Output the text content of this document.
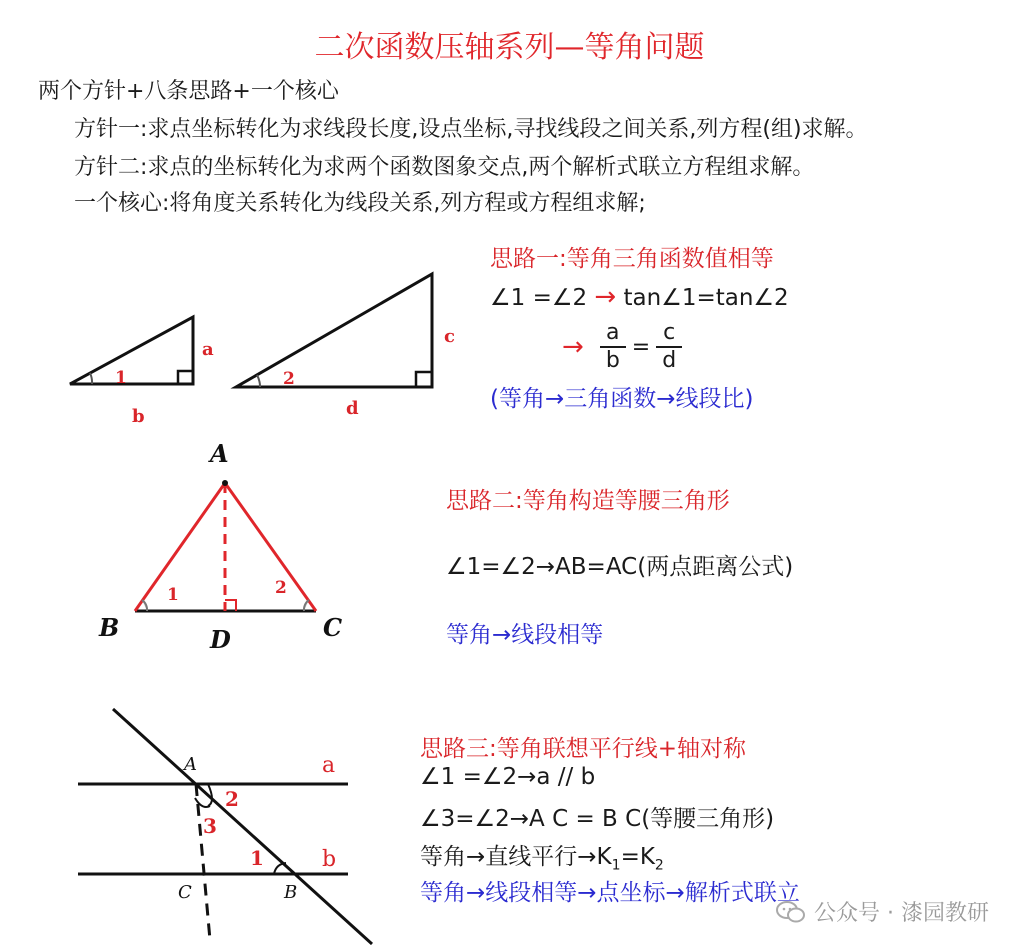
二次函数压轴系列—等角问题
两个方针+八条思路+一个核心
方针一:求点坐标转化为求线段长度,设点坐标,寻找线段之间关系,列方程(组)求解。
方针二:求点的坐标转化为求两个函数图象交点,两个解析式联立方程组求解。
一个核心:将角度关系转化为线段关系,列方程或方程组求解;
思路一:等角三角函数值相等
∠1 =∠2 → tan∠1=tan∠2
→ $\frac{a}{b} = \frac{c}{d}$
(等角→三角函数→线段比)
1
a
b
2
c
d
思路二:等角构造等腰三角形
∠1=∠2→AB=AC(两点距离公式)
等角→线段相等
A
B	C
D
1	2
思路三:等角联想平行线+轴对称
∠1 =∠2→a // b
∠3=∠2→A C = B C(等腰三角形)
等角→直线平行$\to K_1=K_2$
等角→线段相等→点坐标→解析式联立
A
C	B
a
b
2
3
1
公众号 · 漆园教研
